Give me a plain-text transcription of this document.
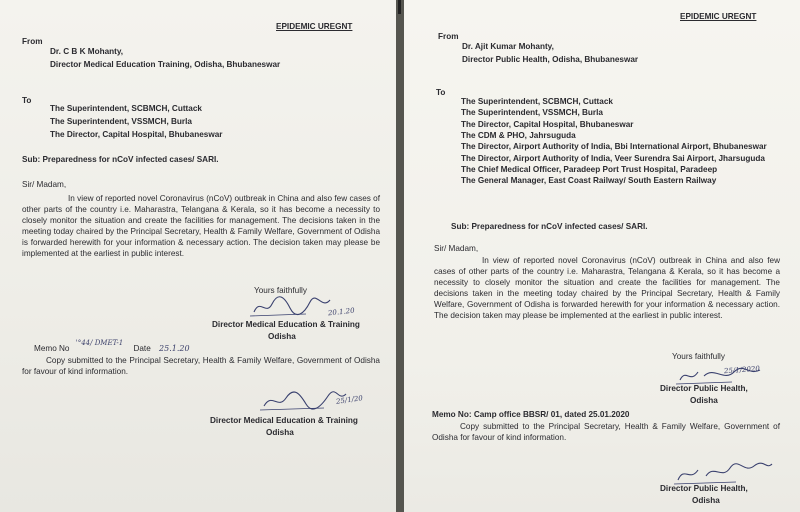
EPIDEMIC UREGNT
From
Dr. C B K Mohanty,
Director Medical Education Training, Odisha, Bhubaneswar
To
The Superintendent, SCBMCH, Cuttack
The Superintendent, VSSMCH, Burla
The Director, Capital Hospital, Bhubaneswar
Sub: Preparedness for nCoV infected cases/ SARI.
Sir/ Madam,
In view of reported novel Coronavirus (nCoV) outbreak in China and also few cases of other parts of the country i.e. Maharastra, Telangana & Kerala, so it has become a necessity to closely monitor the situation and create the facilities for management. The decisions taken in the meeting today chaired by the Principal Secretary, Health & Family Welfare, Government of Odisha is forwarded herewith for your information & necessary action. The decision taken may please be implemented at the earliest in public interest.
Yours faithfully
20.1.20
Director Medical Education & Training
Odisha
Memo No '°44/ DMET-1 Date 25.1.20
Copy submitted to the Principal Secretary, Health & Family Welfare, Government of Odisha for favour of kind information.
25/1/20
Director Medical Education & Training
Odisha
EPIDEMIC UREGNT
From
Dr. Ajit Kumar Mohanty,
Director Public Health, Odisha, Bhubaneswar
To
The Superintendent, SCBMCH, Cuttack
The Superintendent, VSSMCH, Burla
The Director, Capital Hospital, Bhubaneswar
The CDM & PHO, Jahrsuguda
The Director, Airport Authority of India, Bbi International Airport, Bhubaneswar
The Director, Airport Authority of India, Veer Surendra Sai Airport, Jharsuguda
The Chief Medical Officer, Paradeep Port Trust Hospital, Paradeep
The General Manager, East Coast Railway/ South Eastern Railway
Sub: Preparedness for nCoV infected cases/ SARI.
Sir/ Madam,
In view of reported novel Coronavirus (nCoV) outbreak in China and also few cases of other parts of the country i.e. Maharastra, Telangana & Kerala, so it has become a necessity to closely monitor the situation and create the facilities for management. The decisions taken in the meeting today chaired by the Principal Secretary, Health & Family Welfare, Government of Odisha is forwarded herewith for your information & necessary action. The decision taken may please be implemented at the earliest in public interest.
Yours faithfully
25/1/2020
Director Public Health,
Odisha
Memo No: Camp office BBSR/ 01, dated 25.01.2020
Copy submitted to the Principal Secretary, Health & Family Welfare, Government of Odisha for favour of kind information.
Director Public Health,
Odisha
